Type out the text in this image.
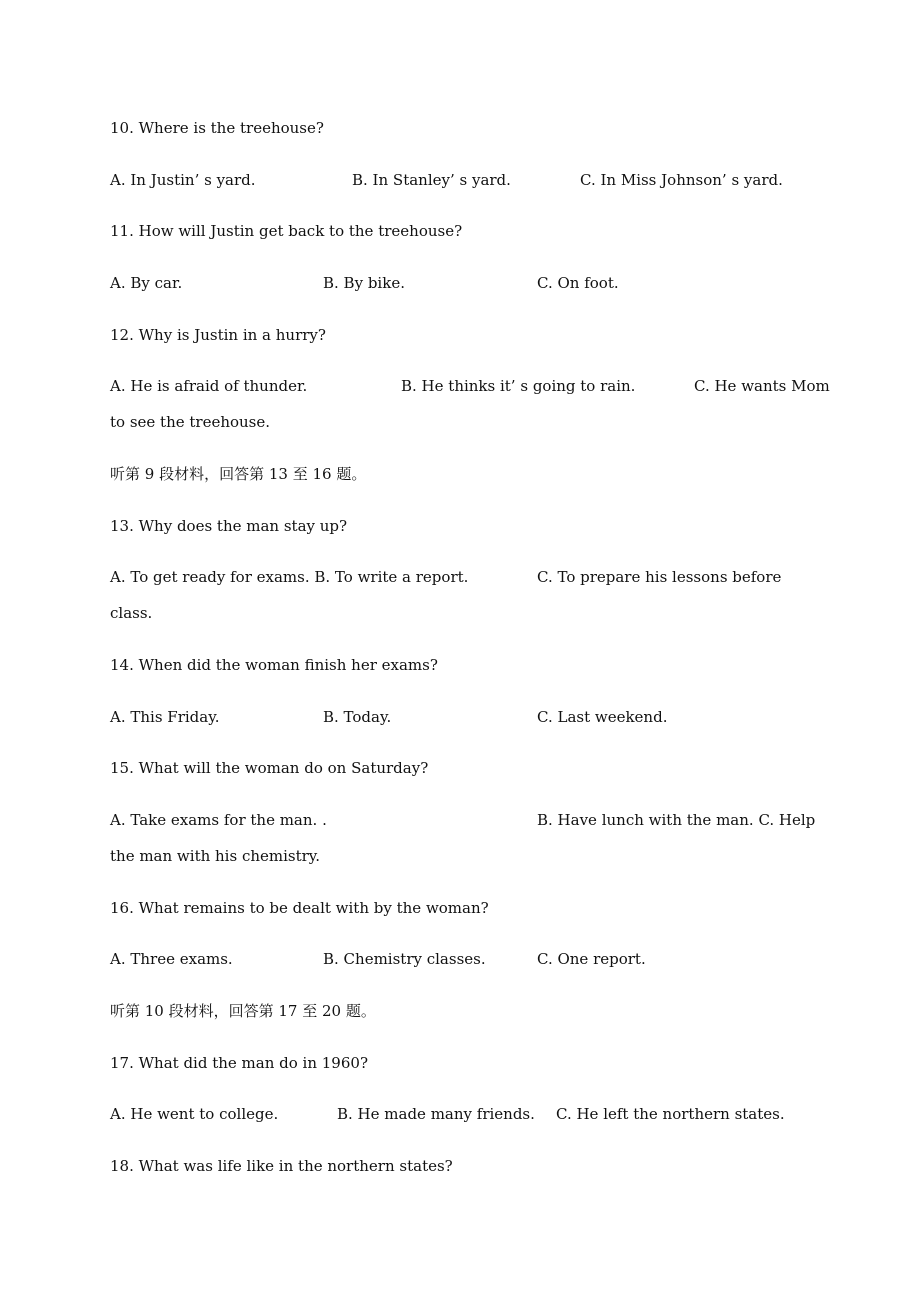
10. Where is the treehouse?
A. In Justin’ s yard.	B. In Stanley’ s yard.	C. In Miss Johnson’ s yard.
11. How will Justin get back to the treehouse?
A. By car.	B. By bike.	C. On foot.
12. Why is Justin in a hurry?
A. He is afraid of thunder.	B. He thinks it’ s going to rain.	C. He wants Mom
to see the treehouse.
听第 9 段材料，回答第 13 至 16 题。
13. Why does the man stay up?
A. To get ready for exams. B. To write a report.	C. To prepare his lessons before
class.
14. When did the woman finish her exams?
A. This Friday.	B. Today.	C. Last weekend.
15. What will the woman do on Saturday?
A. Take exams for the man. .	B. Have lunch with the man. C. Help
the man with his chemistry.
16. What remains to be dealt with by the woman?
A. Three exams.	B. Chemistry classes.	C. One report.
听第 10 段材料，回答第 17 至 20 题。
17. What did the man do in 1960?
A. He went to college.	B. He made many friends. C. He left the northern states.
18. What was life like in the northern states?
